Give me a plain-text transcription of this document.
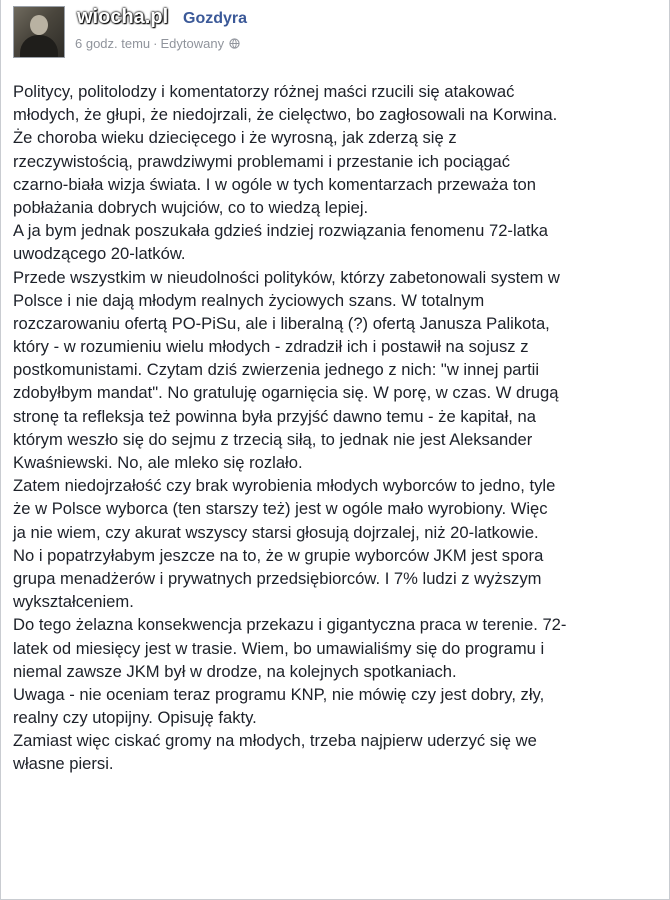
Gozdyra
wiocha.pl
6 godz. temu · Edytowany
Politycy, politolodzy i komentatorzy różnej maści rzucili się atakować
młodych, że głupi, że niedojrzali, że cielęctwo, bo zagłosowali na Korwina.
Że choroba wieku dziecięcego i że wyrosną, jak zderzą się z
rzeczywistością, prawdziwymi problemami i przestanie ich pociągać
czarno-biała wizja świata. I w ogóle w tych komentarzach przeważa ton
pobłażania dobrych wujciów, co to wiedzą lepiej.
A ja bym jednak poszukała gdzieś indziej rozwiązania fenomenu 72-latka
uwodzącego 20-latków.
Przede wszystkim w nieudolności polityków, którzy zabetonowali system w
Polsce i nie dają młodym realnych życiowych szans. W totalnym
rozczarowaniu ofertą PO-PiSu, ale i liberalną (?) ofertą Janusza Palikota,
który - w rozumieniu wielu młodych - zdradził ich i postawił na sojusz z
postkomunistami. Czytam dziś zwierzenia jednego z nich: "w innej partii
zdobyłbym mandat". No gratuluję ogarnięcia się. W porę, w czas. W drugą
stronę ta refleksja też powinna była przyjść dawno temu - że kapitał, na
którym weszło się do sejmu z trzecią siłą, to jednak nie jest Aleksander
Kwaśniewski. No, ale mleko się rozlało.
Zatem niedojrzałość czy brak wyrobienia młodych wyborców to jedno, tyle
że w Polsce wyborca (ten starszy też) jest w ogóle mało wyrobiony. Więc
ja nie wiem, czy akurat wszyscy starsi głosują dojrzalej, niż 20-latkowie.
No i popatrzyłabym jeszcze na to, że w grupie wyborców JKM jest spora
grupa menadżerów i prywatnych przedsiębiorców. I 7% ludzi z wyższym
wykształceniem.
Do tego żelazna konsekwencja przekazu i gigantyczna praca w terenie. 72-
latek od miesięcy jest w trasie. Wiem, bo umawialiśmy się do programu i
niemal zawsze JKM był w drodze, na kolejnych spotkaniach.
Uwaga - nie oceniam teraz programu KNP, nie mówię czy jest dobry, zły,
realny czy utopijny. Opisuję fakty.
Zamiast więc ciskać gromy na młodych, trzeba najpierw uderzyć się we
własne piersi.
